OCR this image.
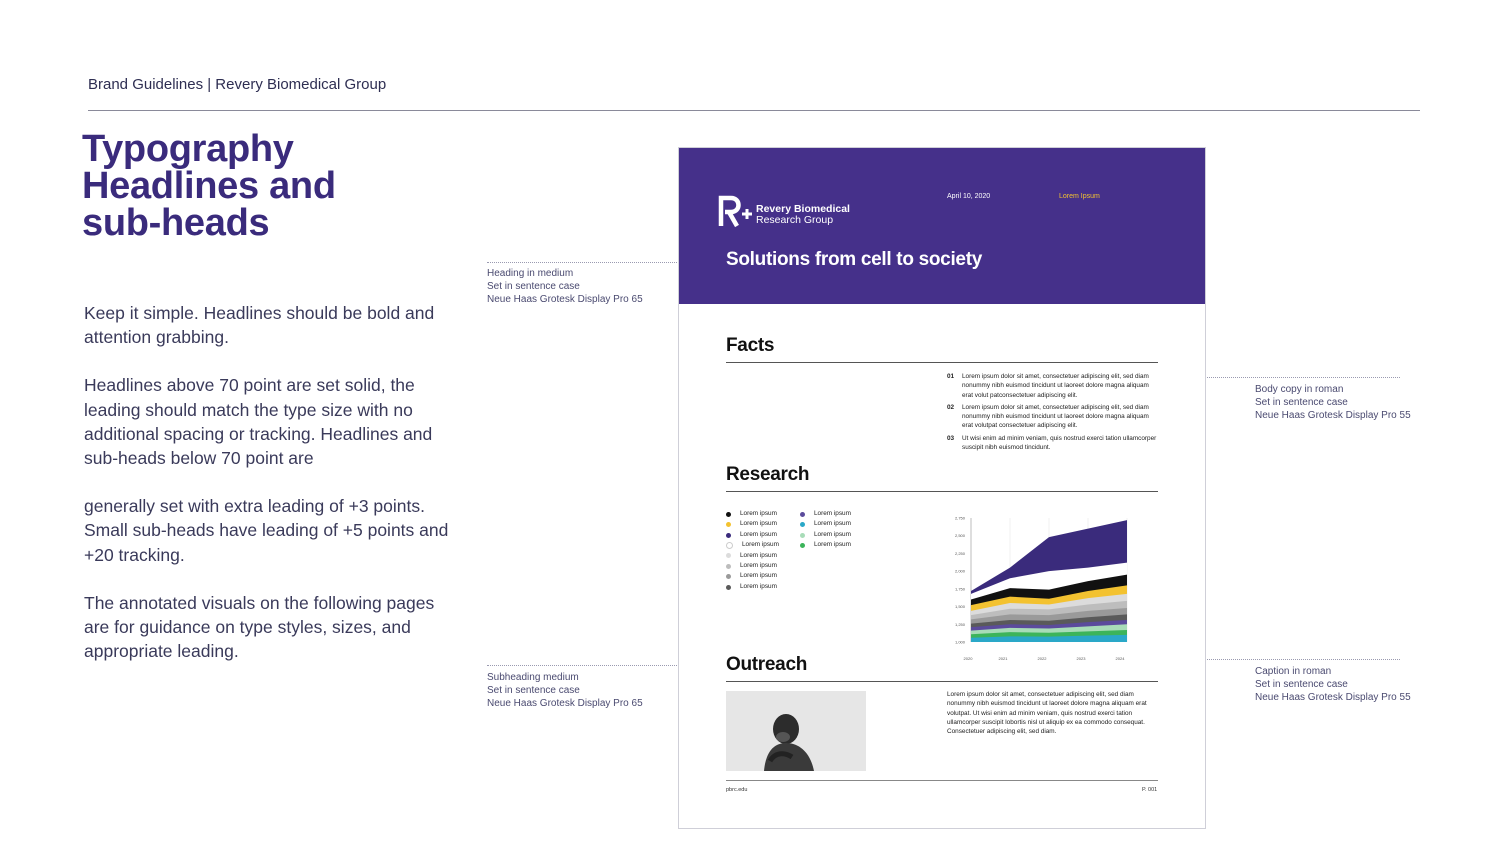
Brand Guidelines | Revery Biomedical Group
Typography
Headlines and
sub-heads

Keep it simple. Headlines should be bold and attention grabbing.

Headlines above 70 point are set solid, the leading should match the type size with no additional spacing or tracking. Headlines and sub-heads below 70 point are

generally set with extra leading of +3 points. Small sub-heads have leading of +5 points and +20 tracking.

The annotated visuals on the following pages are for guidance on type styles, sizes, and appropriate leading.

Heading in medium
Set in sentence case
Neue Haas Grotesk Display Pro 65
Subheading medium
Set in sentence case
Neue Haas Grotesk Display Pro 65
Body copy in roman
Set in sentence case
Neue Haas Grotesk Display Pro 55
Caption in roman
Set in sentence case
Neue Haas Grotesk Display Pro 55
Revery Biomedical
Research Group
April 10, 2020	Lorem Ipsum
Solutions from cell to society
Facts
01	Lorem ipsum dolor sit amet, consectetuer adipiscing elit, sed diam nonummy nibh euismod tincidunt ut laoreet dolore magna aliquam erat volut patconsectetuer adipiscing elit.
02	Lorem ipsum dolor sit amet, consectetuer adipiscing elit, sed diam nonummy nibh euismod tincidunt ut laoreet dolore magna aliquam erat volutpat consectetuer adipiscing elit.
03	Ut wisi enim ad minim veniam, quis nostrud exerci tation ullamcorper suscipit nibh euismod tincidunt.
Research
Lorem ipsum
Lorem ipsum
Lorem ipsum
Lorem ipsum
Lorem ipsum
Lorem ipsum
Lorem ipsum
Lorem ipsum
Lorem ipsum
Lorem ipsum
Lorem ipsum
Lorem ipsum
2,750
2,500
2,250
2,000
1,750
1,500
1,250
1,000
2020	2021	2022	2023	2024
Outreach
Lorem ipsum dolor sit amet, consectetuer adipiscing elit, sed diam nonummy nibh euismod tincidunt ut laoreet dolore magna aliquam erat volutpat. Ut wisi enim ad minim veniam, quis nostrud exerci tation ullamcorper suscipit lobortis nisl ut aliquip ex ea commodo consequat. Consectetuer adipiscing elit, sed diam.
pbrc.edu	P. 001
